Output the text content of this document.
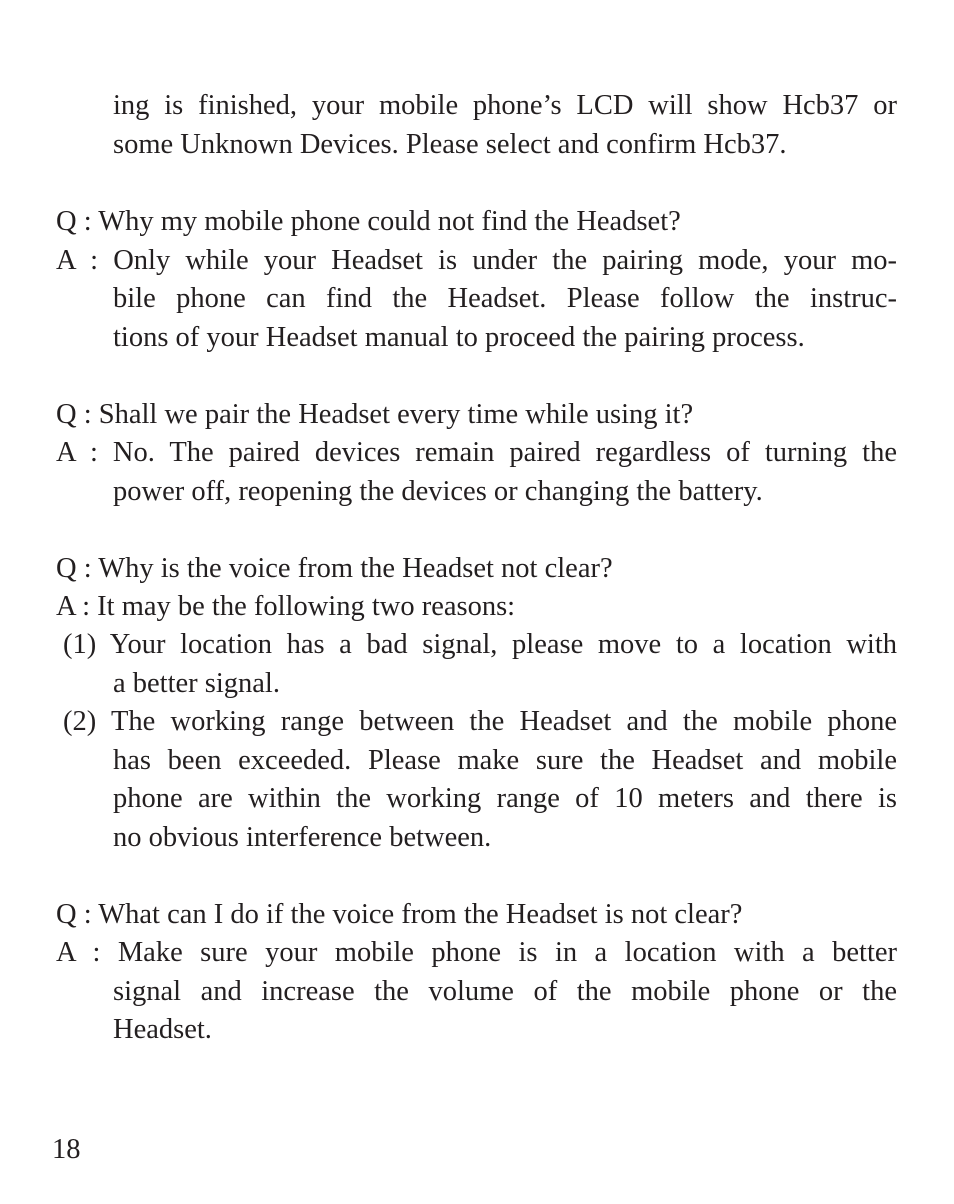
ing is finished, your mobile phone’s LCD will show Hcb37 or
some Unknown Devices. Please select and confirm Hcb37.
Q : Why my mobile phone could not find the Headset?
A : Only while your Headset is under the pairing mode, your mo-
bile phone can find the Headset. Please follow the instruc-
tions of your Headset manual to proceed the pairing process.
Q : Shall we pair the Headset every time while using it?
A : No. The paired devices remain paired regardless of turning the
power off, reopening the devices or changing the battery.
Q : Why is the voice from the Headset not clear?
A : It may be the following two reasons:
(1) Your location has a bad signal, please move to a location with
a better signal.
(2) The working range between the Headset and the mobile phone
has been exceeded. Please make sure the Headset and mobile
phone are within the working range of 10 meters and there is
no obvious interference between.
Q : What can I do if the voice from the Headset is not clear?
A : Make sure your mobile phone is in a location with a better
signal and increase the volume of the mobile phone or the
Headset.
18
